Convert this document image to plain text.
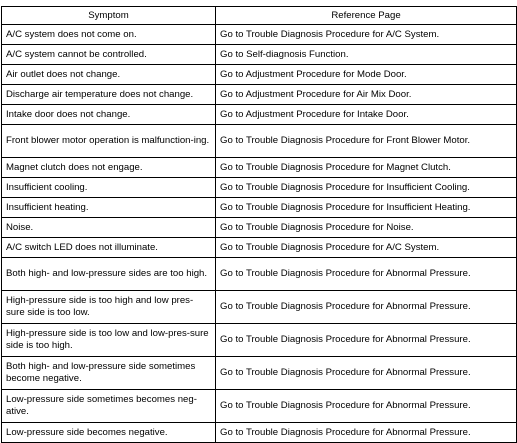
Symptom	Reference Page
A/C system does not come on.	Go to Trouble Diagnosis Procedure for A/C System.
A/C system cannot be controlled.	Go to Self-diagnosis Function.
Air outlet does not change.	Go to Adjustment Procedure for Mode Door.
Discharge air temperature does not change.	Go to Adjustment Procedure for Air Mix Door.
Intake door does not change.	Go to Adjustment Procedure for Intake Door.
Front blower motor operation is malfunction-ing.	Go to Trouble Diagnosis Procedure for Front Blower Motor.
Magnet clutch does not engage.	Go to Trouble Diagnosis Procedure for Magnet Clutch.
Insufficient cooling.	Go to Trouble Diagnosis Procedure for Insufficient Cooling.
Insufficient heating.	Go to Trouble Diagnosis Procedure for Insufficient Heating.
Noise.	Go to Trouble Diagnosis Procedure for Noise.
A/C switch LED does not illuminate.	Go to Trouble Diagnosis Procedure for A/C System.
Both high- and low-pressure sides are too high.	Go to Trouble Diagnosis Procedure for Abnormal Pressure.
High-pressure side is too high and low pres-sure side is too low.	Go to Trouble Diagnosis Procedure for Abnormal Pressure.
High-pressure side is too low and low-pres-sure side is too high.	Go to Trouble Diagnosis Procedure for Abnormal Pressure.
Both high- and low-pressure side sometimes become negative.	Go to Trouble Diagnosis Procedure for Abnormal Pressure.
Low-pressure side sometimes becomes neg-ative.	Go to Trouble Diagnosis Procedure for Abnormal Pressure.
Low-pressure side becomes negative.	Go to Trouble Diagnosis Procedure for Abnormal Pressure.
